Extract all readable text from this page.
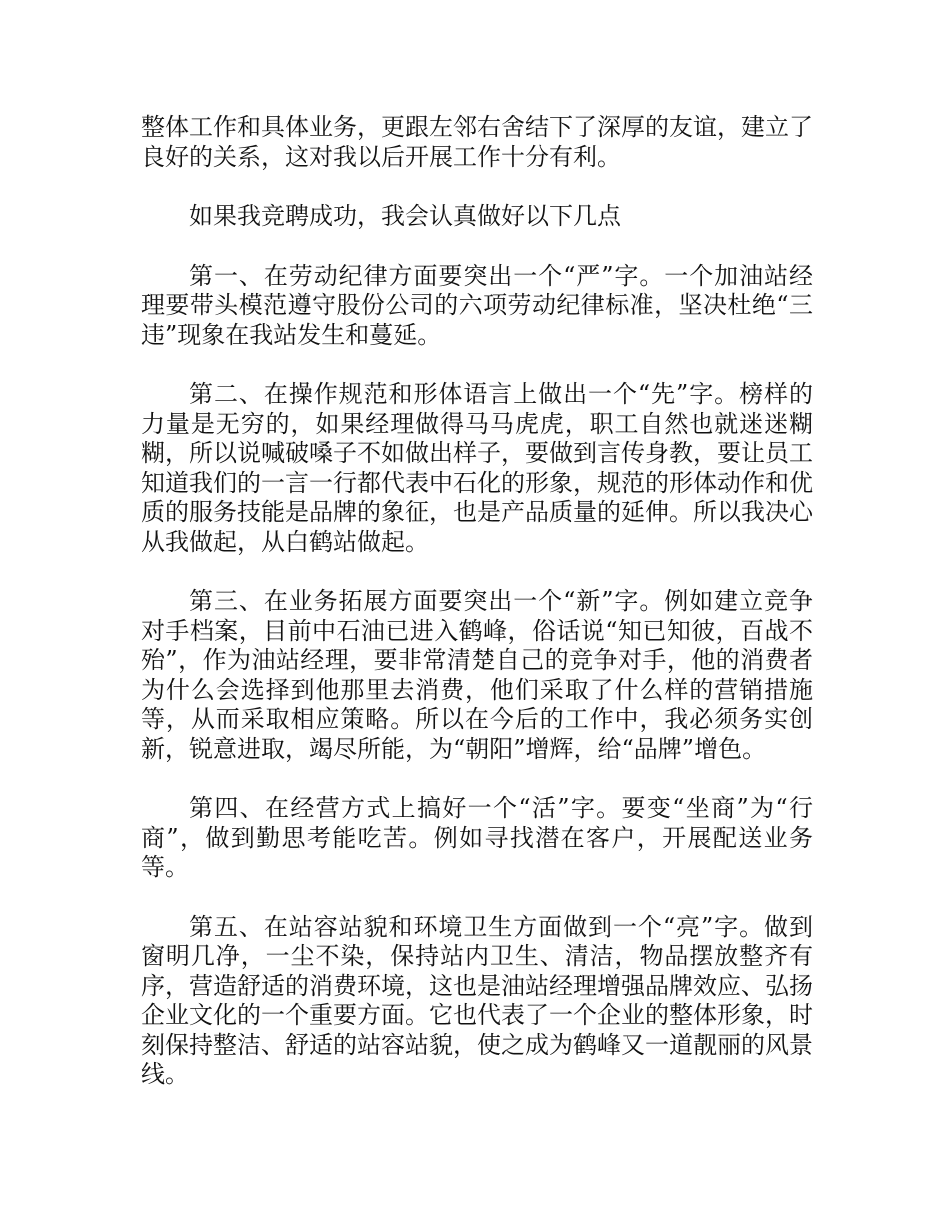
整体工作和具体业务，更跟左邻右舍结下了深厚的友谊，建立了良好的关系，这对我以后开展工作十分有利。

如果我竞聘成功，我会认真做好以下几点

第一、在劳动纪律方面要突出一个“严”字。一个加油站经理要带头模范遵守股份公司的六项劳动纪律标准，坚决杜绝“三违”现象在我站发生和蔓延。

第二、在操作规范和形体语言上做出一个“先”字。榜样的力量是无穷的，如果经理做得马马虎虎，职工自然也就迷迷糊糊，所以说喊破嗓子不如做出样子，要做到言传身教，要让员工知道我们的一言一行都代表中石化的形象，规范的形体动作和优质的服务技能是品牌的象征，也是产品质量的延伸。所以我决心从我做起，从白鹤站做起。

第三、在业务拓展方面要突出一个“新”字。例如建立竞争对手档案，目前中石油已进入鹤峰，俗话说“知已知彼，百战不殆”，作为油站经理，要非常清楚自己的竞争对手，他的消费者为什么会选择到他那里去消费，他们采取了什么样的营销措施等，从而采取相应策略。所以在今后的工作中，我必须务实创新，锐意进取，竭尽所能，为“朝阳”增辉，给“品牌”增色。

第四、在经营方式上搞好一个“活”字。要变“坐商”为“行商”，做到勤思考能吃苦。例如寻找潜在客户，开展配送业务等。

第五、在站容站貌和环境卫生方面做到一个“亮”字。做到窗明几净，一尘不染，保持站内卫生、清洁，物品摆放整齐有序，营造舒适的消费环境，这也是油站经理增强品牌效应、弘扬企业文化的一个重要方面。它也代表了一个企业的整体形象，时刻保持整洁、舒适的站容站貌，使之成为鹤峰又一道靓丽的风景线。
